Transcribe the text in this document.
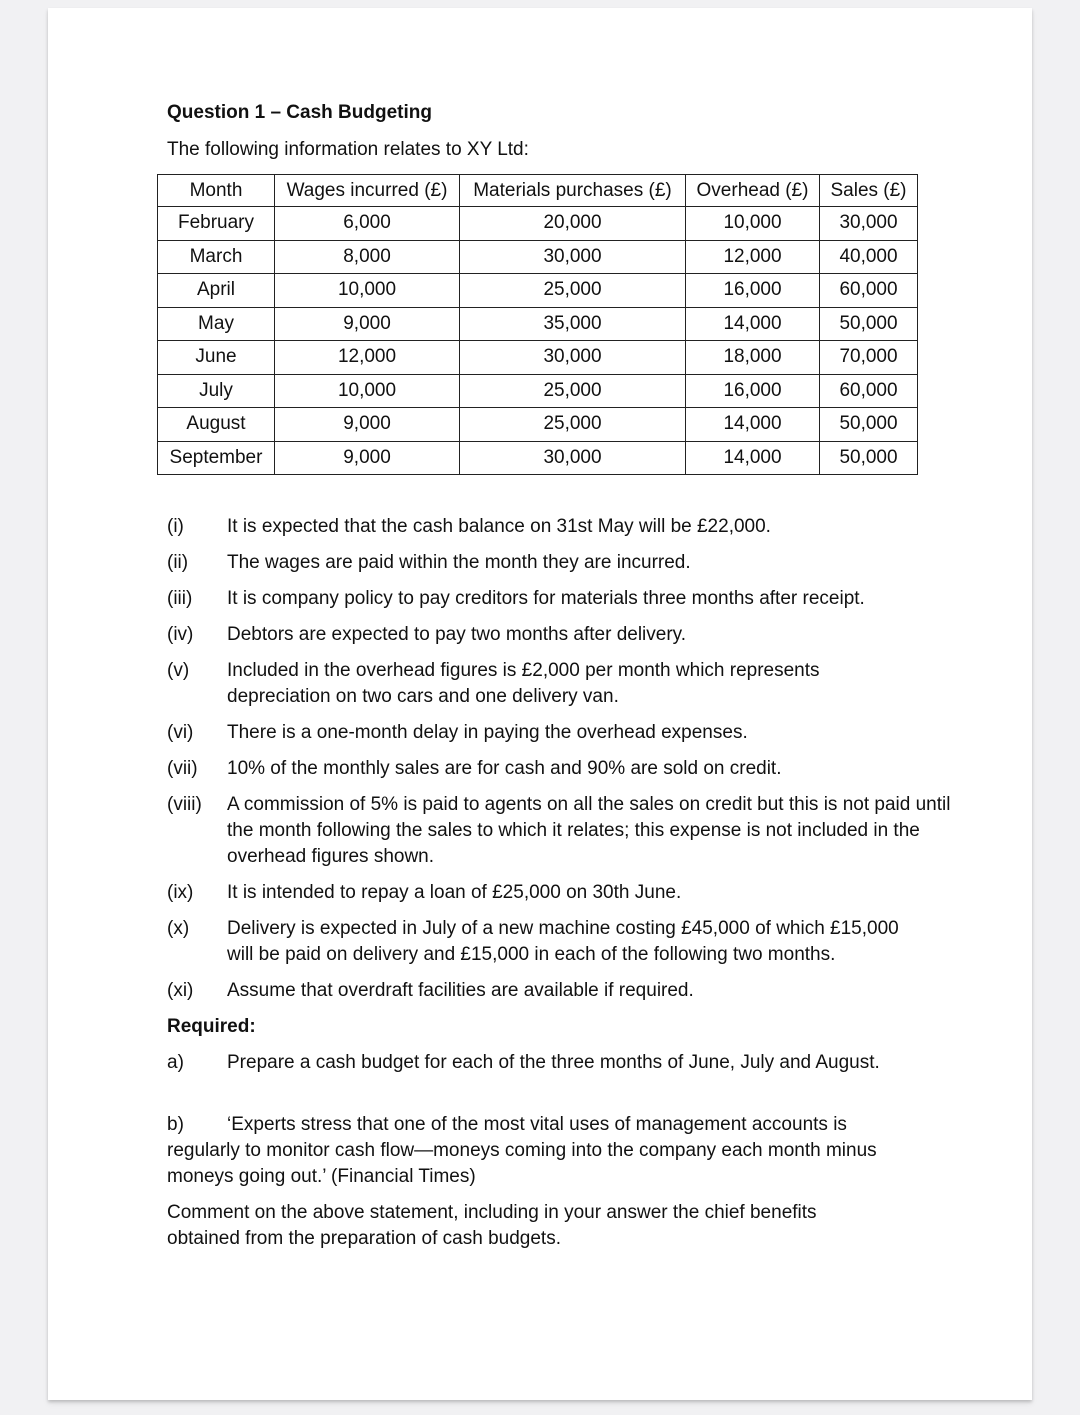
Question 1 – Cash Budgeting
The following information relates to XY Ltd:
Month	Wages incurred (£)	Materials purchases (£)	Overhead (£)	Sales (£)
February	6,000	20,000	10,000	30,000
March	8,000	30,000	12,000	40,000
April	10,000	25,000	16,000	60,000
May	9,000	35,000	14,000	50,000
June	12,000	30,000	18,000	70,000
July	10,000	25,000	16,000	60,000
August	9,000	25,000	14,000	50,000
September	9,000	30,000	14,000	50,000
(i) It is expected that the cash balance on 31st May will be £22,000.
(ii) The wages are paid within the month they are incurred.
(iii) It is company policy to pay creditors for materials three months after receipt.
(iv) Debtors are expected to pay two months after delivery.
(v) Included in the overhead figures is £2,000 per month which represents depreciation on two cars and one delivery van.
(vi) There is a one-month delay in paying the overhead expenses.
(vii) 10% of the monthly sales are for cash and 90% are sold on credit.
(viii) A commission of 5% is paid to agents on all the sales on credit but this is not paid until the month following the sales to which it relates; this expense is not included in the overhead figures shown.
(ix) It is intended to repay a loan of £25,000 on 30th June.
(x) Delivery is expected in July of a new machine costing £45,000 of which £15,000 will be paid on delivery and £15,000 in each of the following two months.
(xi) Assume that overdraft facilities are available if required.
Required:
a) Prepare a cash budget for each of the three months of June, July and August.
b) ‘Experts stress that one of the most vital uses of management accounts is regularly to monitor cash flow—moneys coming into the company each month minus moneys going out.’ (Financial Times)
Comment on the above statement, including in your answer the chief benefits obtained from the preparation of cash budgets.
